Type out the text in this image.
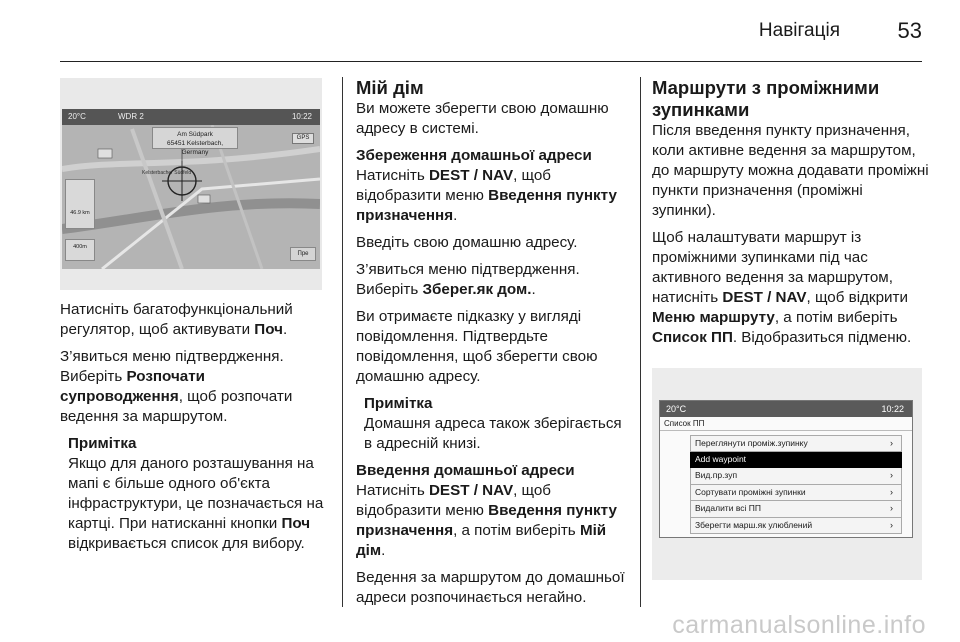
Навігація	53
Kelsterbacher Südfeld
20°C	WDR 2	10:22
Am Südpark
65451 Kelsterbach, Germany
GPS
46.9 km
400m
Пре

Натисніть багатофункціональний регулятор, щоб активувати Поч.

З’явиться меню підтвердження. Виберіть Розпочати супроводження, щоб розпочати ведення за маршрутом.

Примітка
Якщо для даного розташування на мапі є більше одного об'єкта інфраструктури, це позначається на картці. При натисканні кнопки Поч відкривається список для вибору.
Мій дім

Ви можете зберегти свою домашню адресу в системі.

Збереження домашньої адреси

Натисніть DEST / NAV, щоб відобразити меню Введення пункту призначення.

Введіть свою домашню адресу.

З’явиться меню підтвердження. Виберіть Зберег.як дом..

Ви отримаєте підказку у вигляді повідомлення. Підтвердьте повідомлення, щоб зберегти свою домашню адресу.

Примітка
Домашня адреса також зберігається в адресній книзі.
Введення домашньої адреси

Натисніть DEST / NAV, щоб відобразити меню Введення пункту призначення, а потім виберіть Мій дім.

Ведення за маршрутом до домашньої адреси розпочинається негайно.

Маршрути з проміжними зупинками

Після введення пункту призначення, коли активне ведення за маршрутом, до маршруту можна додавати проміжні пункти призначення (проміжні зупинки).

Щоб налаштувати маршрут із проміжними зупинками під час активного ведення за маршрутом, натисніть DEST / NAV, щоб відкрити Меню маршруту, а потім виберіть Список ПП. Відобразиться підменю.

20°C	10:22
Список ПП
Переглянути проміж.зупинку	›
Add waypoint
Вид.пр.зуп	›
Сортувати проміжні зупинки	›
Видалити всі ПП	›
Зберегти марш.як улюблений	›
carmanualsonline.info
